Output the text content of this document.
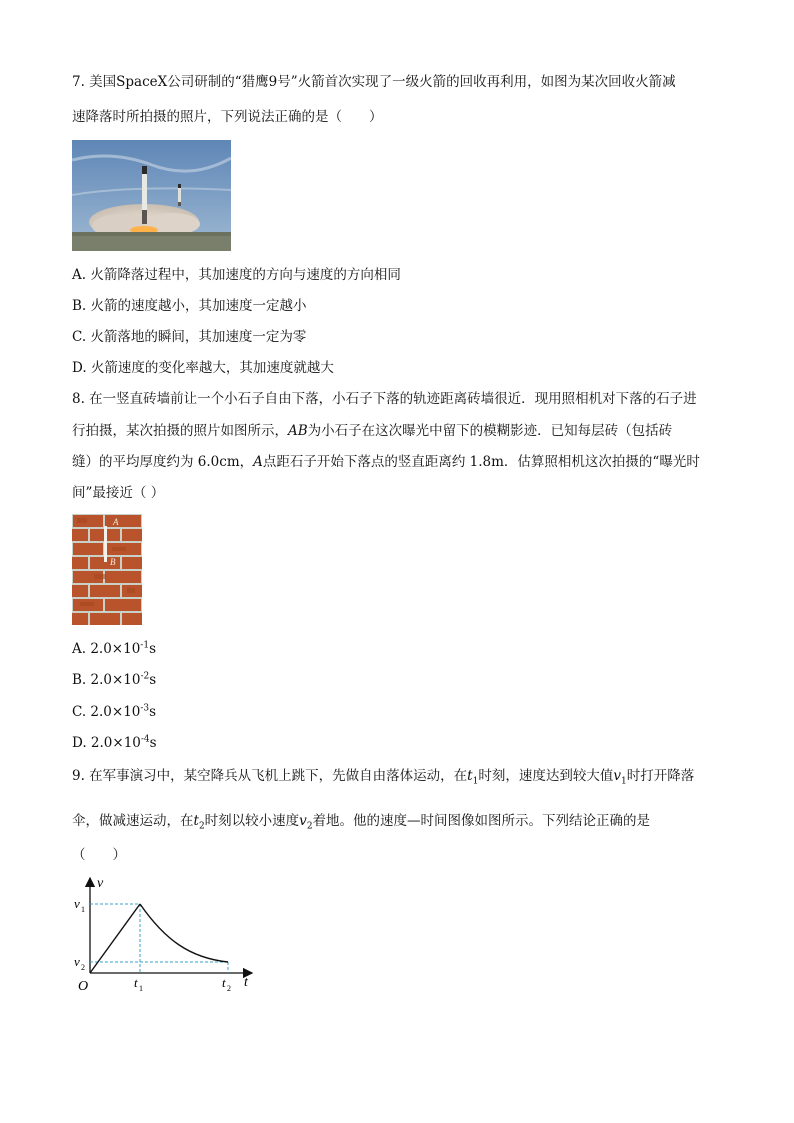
7. 美国SpaceX公司研制的“猎鹰9号”火箭首次实现了一级火箭的回收再利用，如图为某次回收火箭减
速降落时所拍摄的照片，下列说法正确的是（　　）
A. 火箭降落过程中，其加速度的方向与速度的方向相同
B. 火箭的速度越小，其加速度一定越小
C. 火箭落地的瞬间，其加速度一定为零
D. 火箭速度的变化率越大，其加速度就越大
8. 在一竖直砖墙前让一个小石子自由下落，小石子下落的轨迹距离砖墙很近．现用照相机对下落的石子进
行拍摄，某次拍摄的照片如图所示，AB为小石子在这次曝光中留下的模糊影迹．已知每层砖（包括砖
缝）的平均厚度约为 6.0cm，A点距石子开始下落点的竖直距离约 1.8m．估算照相机这次拍摄的“曝光时
间”最接近（ ）
A
B
A. $2.0\times 10^{-1}s$
B. $2.0\times 10^{-2}s$
C. $2.0\times 10^{-3}s$
D. $2.0\times 10^{-4}s$
9. 在军事演习中，某空降兵从飞机上跳下，先做自由落体运动，在$t_1$时刻，速度达到较大值$v_1$时打开降落
伞，做减速运动，在$t_2$时刻以较小速度$v_2$着地。他的速度—时间图像如图所示。下列结论正确的是
（　　）
v
t
O
v 1
v 2
t 1	t 2
